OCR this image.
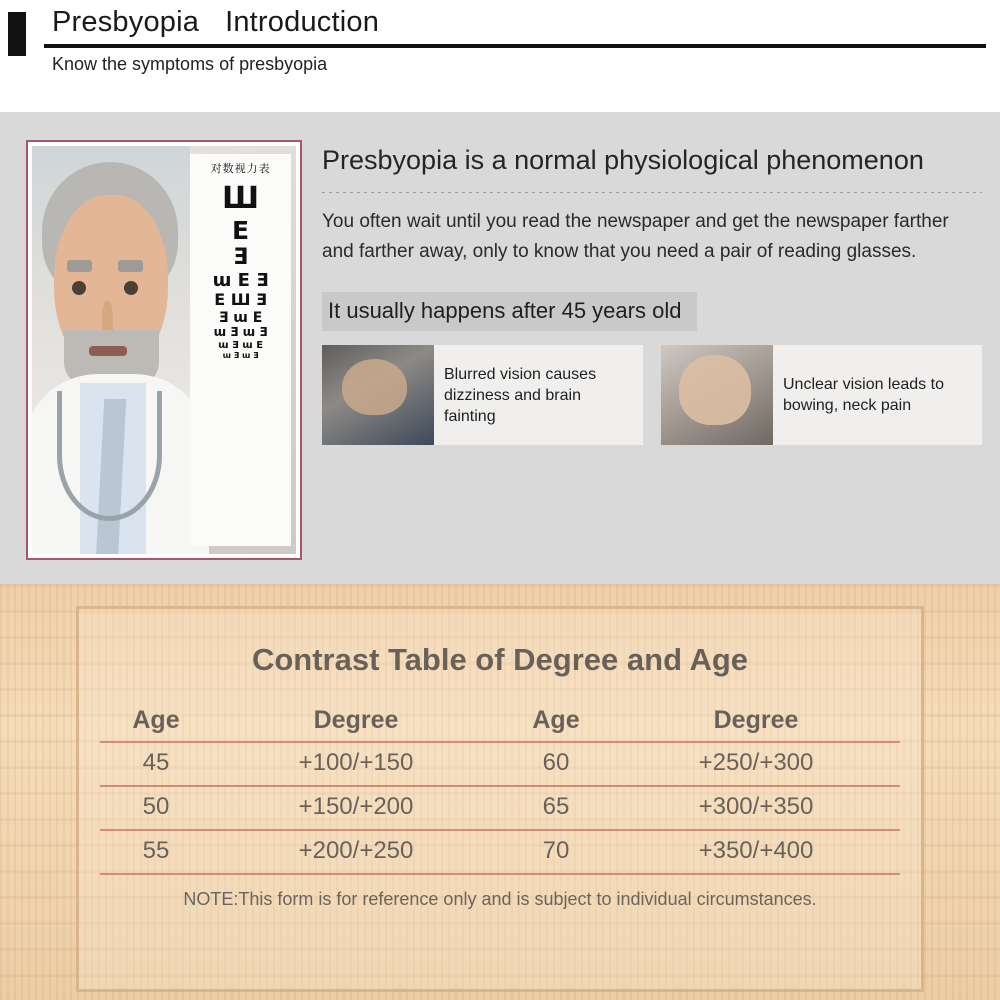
Presbyopia Introduction
Know the symptoms of presbyopia
对数视力表
Ш
E
Ǝ
ɯ E Ǝ
E Ш Ǝ
Ǝ ɯ E
ɯ Ǝ ɯ Ǝ
ɯ Ǝ ɯ E
ɯ Ǝ ɯ Ǝ

Presbyopia is a normal physiological phenomenon

You often wait until you read the newspaper and get the newspaper farther and farther away, only to know that you need a pair of reading glasses.

It usually happens after 45 years old
Blurred vision causes dizziness and brain fainting
Unclear vision leads to bowing, neck pain
Contrast Table of Degree and Age
Age	Degree	Age	Degree
45	+100/+150	60	+250/+300
50	+150/+200	65	+300/+350
55	+200/+250	70	+350/+400
NOTE:This form is for reference only and is subject to individual circumstances.
